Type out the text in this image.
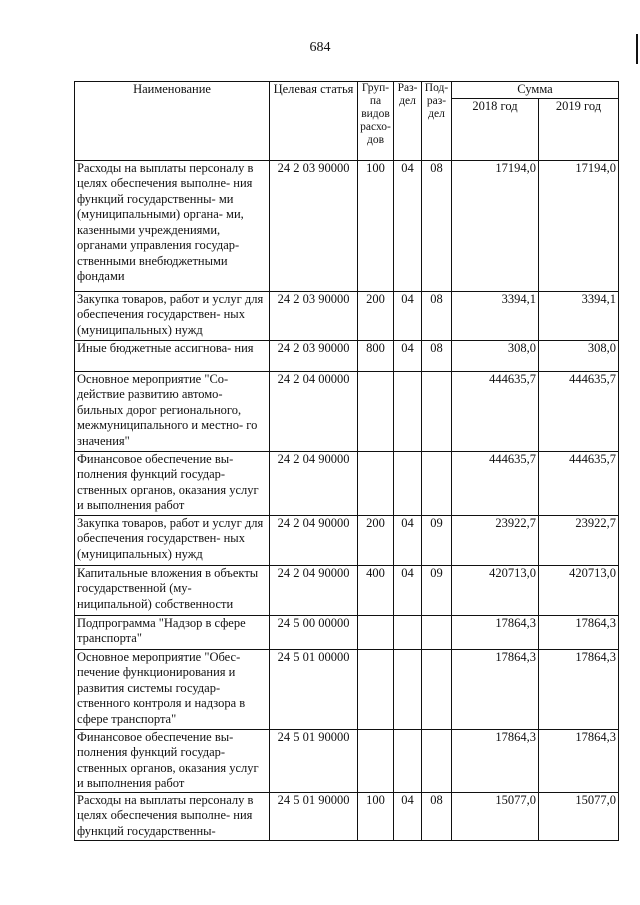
684
Наименование	Целевая статья	Груп- па видов расхо- дов	Раз- дел	Под- раз- дел	Сумма	
					2018 год	2019 год
Расходы на выплаты персоналу в целях обеспечения выполне- ния функций государственны- ми (муниципальными) органа- ми, казенными учреждениями, органами управления государ- ственными внебюджетными фондами	24 2 03 90000	100	04	08	17194,0	17194,0
Закупка товаров, работ и услуг для обеспечения государствен- ных (муниципальных) нужд	24 2 03 90000	200	04	08	3394,1	3394,1
Иные бюджетные ассигнова- ния	24 2 03 90000	800	04	08	308,0	308,0
Основное мероприятие "Со- действие развитию автомо- бильных дорог регионального, межмуниципального и местно- го значения"	24 2 04 00000				444635,7	444635,7
Финансовое обеспечение вы- полнения функций государ- ственных органов, оказания услуг и выполнения работ	24 2 04 90000				444635,7	444635,7
Закупка товаров, работ и услуг для обеспечения государствен- ных (муниципальных) нужд	24 2 04 90000	200	04	09	23922,7	23922,7
Капитальные вложения в объекты государственной (му- ниципальной) собственности	24 2 04 90000	400	04	09	420713,0	420713,0
Подпрограмма "Надзор в сфере транспорта"	24 5 00 00000				17864,3	17864,3
Основное мероприятие "Обес- печение функционирования и развития системы государ- ственного контроля и надзора в сфере транспорта"	24 5 01 00000				17864,3	17864,3
Финансовое обеспечение вы- полнения функций государ- ственных органов, оказания услуг и выполнения работ	24 5 01 90000				17864,3	17864,3
Расходы на выплаты персоналу в целях обеспечения выполне- ния функций государственны-	24 5 01 90000	100	04	08	15077,0	15077,0
